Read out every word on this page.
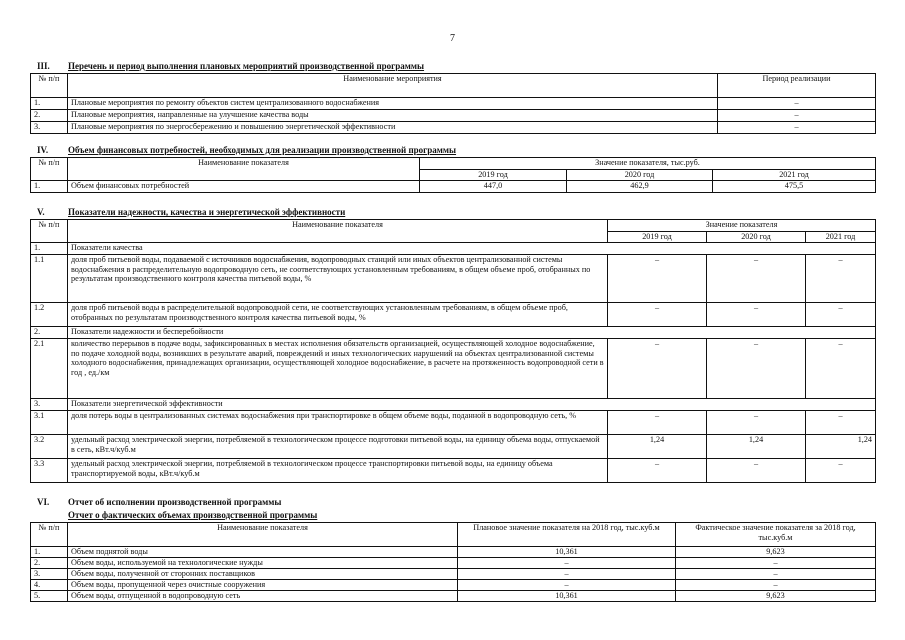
7
III. Перечень и период выполнения плановых мероприятий производственной программы
№ п/п	Наименование мероприятия	Период реализации
1.	Плановые мероприятия по ремонту объектов систем централизованного водоснабжения	–
2.	Плановые мероприятия, направленные на улучшение качества воды	–
3.	Плановые мероприятия по энергосбережению и повышению энергетической эффективности	–
IV. Объем финансовых потребностей, необходимых для реализации производственной программы
№ п/п	Наименование показателя	Значение показателя, тыс.руб.		
		2019 год	2020 год	2021 год
1.	Объем финансовых потребностей	447,0	462,9	475,5
V.	Показатели надежности, качества и энергетической эффективности
№ п/п	Наименование показателя	Значение показателя		
		2019 год	2020 год	2021 год
1.	Показатели качества			
1.1	доля проб питьевой воды, подаваемой с источников водоснабжения, водопроводных станций или иных объектов централизованной системы водоснабжения в распределительную водопроводную сеть, не соответствующих установленным требованиям, в общем объеме проб, отобранных по результатам производственного контроля качества питьевой воды, %	–	–	–
1.2	доля проб питьевой воды в распределительной водопроводной сети, не соответствующих установленным требованиям, в общем объеме проб, отобранных по результатам производственного контроля качества питьевой воды, %	–	–	–
2.	Показатели надежности и бесперебойности			
2.1	количество перерывов в подаче воды, зафиксированных в местах исполнения обязательств организацией, осуществляющей холодное водоснабжение, по подаче холодной воды, возникших в результате аварий, повреждений и иных технологических нарушений на объектах централизованной системы холодного водоснабжения, принадлежащих организации, осуществляющей холодное водоснабжение, в расчете на протяженность водопроводной сети в год , ед./км	–	–	–
3.	Показатели энергетической эффективности			
3.1	доля потерь воды в централизованных системах водоснабжения при транспортировке в общем объеме воды, поданной в водопроводную сеть, %	–	–	–
3.2	удельный расход электрической энергии, потребляемой в технологическом процессе подготовки питьевой воды, на единицу объема воды, отпускаемой в сеть, кВт.ч/куб.м	1,24	1,24	1,24
3.3	удельный расход электрической энергии, потребляемой в технологическом процессе транспортировки питьевой воды, на единицу объема транспортируемой воды, кВт.ч/куб.м	–	–	–
VI. Отчет об исполнении производственной программы
Отчет о фактических объемах производственной программы
№ п/п	Наименование показателя	Плановое значение показателя на 2018 год, тыс.куб.м	Фактическое значение показателя за 2018 год, тыс.куб.м
1.	Объем поднятой воды	10,361	9,623
2.	Объем воды, используемой на технологические нужды	–	–
3.	Объем воды, полученной от сторонних поставщиков	–	–
4.	Объем воды, пропущенной через очистные сооружения	–	–
5.	Объем воды, отпущенной в водопроводную сеть	10,361	9,623
